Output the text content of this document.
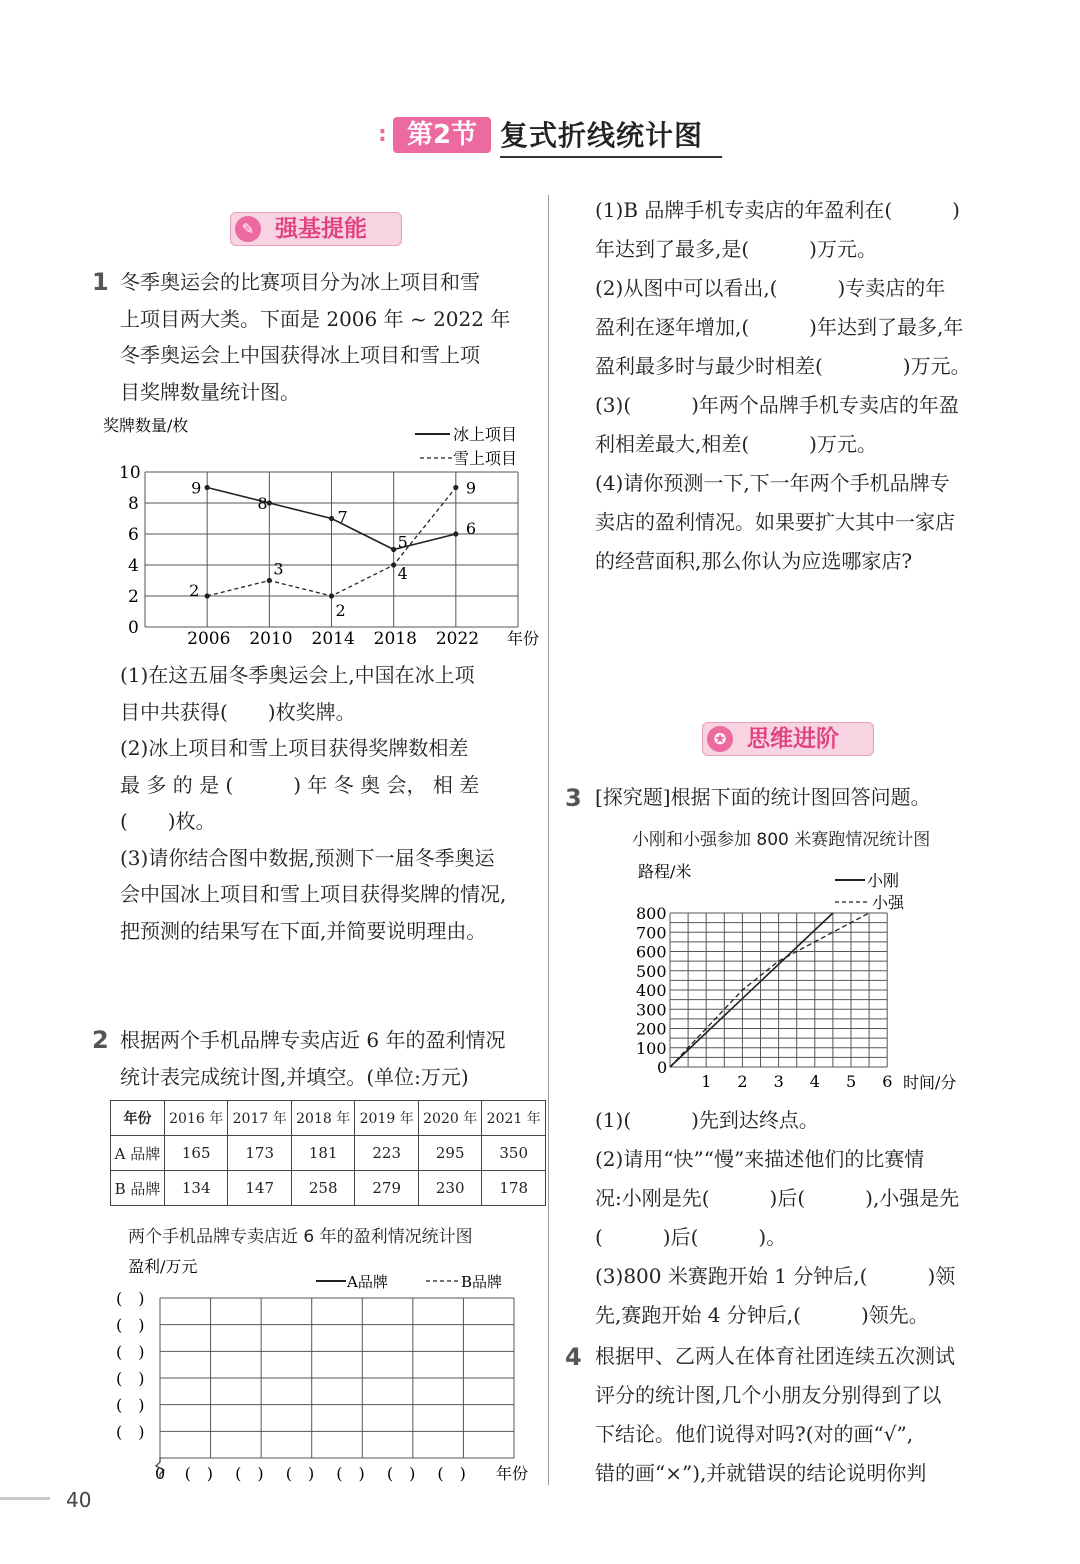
: 第2节 复式折线统计图
✎ 强基提能
✪ 思维进阶
1 冬季奥运会的比赛项目分为冰上项目和雪
上项目两大类。下面是 2006 年 ~ 2022 年
冬季奥运会上中国获得冰上项目和雪上项
目奖牌数量统计图。
0
2
4
6
8
10
2006 2010 2014 2018 2022
9
8
7
5
6
2
3
2
4
9
奖牌数量/枚
年份
冰上项目
雪上项目
(1)在这五届冬季奥运会上,中国在冰上项
目中共获得(　　)枚奖牌。
(2)冰上项目和雪上项目获得奖牌数相差
最 多 的 是 (　　　) 年 冬 奥 会， 相 差
(　　)枚。
(3)请你结合图中数据,预测下一届冬季奥运
会中国冰上项目和雪上项目获得奖牌的情况,
把预测的结果写在下面,并简要说明理由。
2 根据两个手机品牌专卖店近 6 年的盈利情况
统计表完成统计图,并填空。(单位:万元)
年份	2016 年	2017 年	2018 年	2019 年	2020 年	2021 年
A 品牌	165	173	181	223	295	350
B 品牌	134	147	258	279	230	178
两个手机品牌专卖店近 6 年的盈利情况统计图
(　)
(　)
(　)
(　)
(　)
(　)
(　) (　) (　) (　) (　) (　)
盈利/万元
A品牌	B品牌
0	年份
(1)B 品牌手机专卖店的年盈利在(　　　)
年达到了最多,是(　　　)万元。
(2)从图中可以看出,(　　　)专卖店的年
盈利在逐年增加,(　　　)年达到了最多,年
盈利最多时与最少时相差(　　　　)万元。
(3)(　　　)年两个品牌手机专卖店的年盈
利相差最大,相差(　　　)万元。
(4)请你预测一下,下一年两个手机品牌专
卖店的盈利情况。如果要扩大其中一家店
的经营面积,那么你认为应选哪家店?
3 [探究题]根据下面的统计图回答问题。
小刚和小强参加 800 米赛跑情况统计图
0
100
200
300
400
500
600
700
800
1 2 3 4 5 6
路程/米
时间/分
小刚
小强
(1)(　　　)先到达终点。
(2)请用“快”“慢”来描述他们的比赛情
况:小刚是先(　　　)后(　　　),小强是先
(　　　)后(　　　)。
(3)800 米赛跑开始 1 分钟后,(　　　)领
先,赛跑开始 4 分钟后,(　　　)领先。
4 根据甲、乙两人在体育社团连续五次测试
评分的统计图,几个小朋友分别得到了以
下结论。他们说得对吗?(对的画“√”,
错的画“×”),并就错误的结论说明你判
40
